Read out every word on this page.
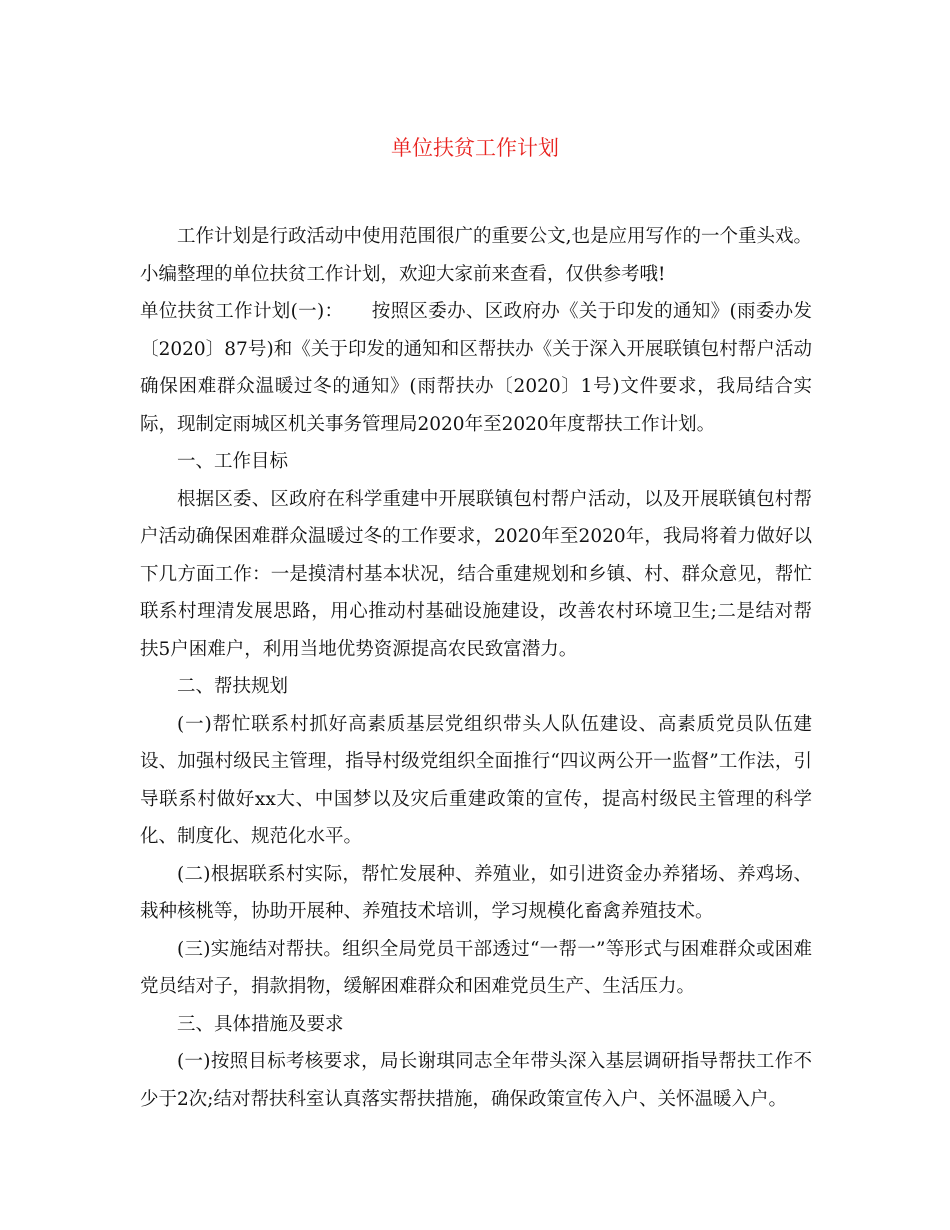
单位扶贫工作计划

工作计划是行政活动中使用范围很广的重要公文,也是应用写作的一个重头戏。小编整理的单位扶贫工作计划，欢迎大家前来查看，仅供参考哦!

单位扶贫工作计划(一)：　　按照区委办、区政府办《关于印发的通知》(雨委办发〔2020〕87号)和《关于印发的通知和区帮扶办《关于深入开展联镇包村帮户活动确保困难群众温暖过冬的通知》(雨帮扶办〔2020〕1号)文件要求，我局结合实际，现制定雨城区机关事务管理局2020年至2020年度帮扶工作计划。

一、工作目标

根据区委、区政府在科学重建中开展联镇包村帮户活动，以及开展联镇包村帮户活动确保困难群众温暖过冬的工作要求，2020年至2020年，我局将着力做好以下几方面工作：一是摸清村基本状况，结合重建规划和乡镇、村、群众意见，帮忙联系村理清发展思路，用心推动村基础设施建设，改善农村环境卫生;二是结对帮扶5户困难户，利用当地优势资源提高农民致富潜力。

二、帮扶规划

(一)帮忙联系村抓好高素质基层党组织带头人队伍建设、高素质党员队伍建设、加强村级民主管理，指导村级党组织全面推行“四议两公开一监督”工作法，引导联系村做好xx大、中国梦以及灾后重建政策的宣传，提高村级民主管理的科学化、制度化、规范化水平。

(二)根据联系村实际，帮忙发展种、养殖业，如引进资金办养猪场、养鸡场、栽种核桃等，协助开展种、养殖技术培训，学习规模化畜禽养殖技术。

(三)实施结对帮扶。组织全局党员干部透过“一帮一”等形式与困难群众或困难党员结对子，捐款捐物，缓解困难群众和困难党员生产、生活压力。

三、具体措施及要求

(一)按照目标考核要求，局长谢琪同志全年带头深入基层调研指导帮扶工作不少于2次;结对帮扶科室认真落实帮扶措施，确保政策宣传入户、关怀温暖入户。
